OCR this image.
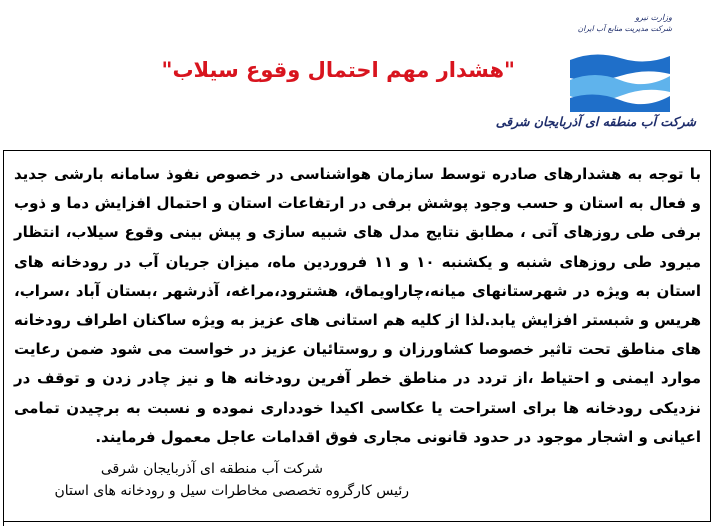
وزارت نیرو
شرکت مدیریت منابع آب ایران
شرکت آب منطقه ای آذربایجان شرقی
"هشدار مهم احتمال وقوع سیلاب"

با توجه به هشدارهای صادره توسط سازمان هواشناسی در خصوص نفوذ سامانه بارشی جدید و فعال به استان و حسب وجود پوشش برفی در ارتفاعات استان و احتمال افزایش دما و ذوب برفی طی روزهای آتی ، مطابق نتایج مدل های شبیه سازی و پیش بینی وقوع سیلاب، انتظار میرود طی روزهای شنبه و یکشنبه ۱۰ و ۱۱ فروردین ماه، میزان جریان آب در رودخانه های استان به ویژه در شهرستانهای میانه،چاراویماق، هشترود،مراغه، آذرشهر ،بستان آباد ،سراب، هریس و شبستر افزایش یابد.لذا از کلیه هم استانی های عزیز به ویژه ساکنان اطراف رودخانه های مناطق تحت تاثیر خصوصا کشاورزان و روستائیان عزیز در خواست می شود ضمن رعایت موارد ایمنی و احتیاط ،از تردد در مناطق خطر آفرین رودخانه ها و نیز چادر زدن و توقف در نزدیکی رودخانه ها برای استراحت یا عکاسی اکیدا خودداری نموده و نسبت به برچیدن تمامی اعیانی و اشجار موجود در حدود قانونی مجاری فوق اقدامات عاجل معمول فرمایند.

شرکت آب منطقه ای آذربایجان شرقی
رئیس کارگروه تخصصی مخاطرات سیل و رودخانه های استان
